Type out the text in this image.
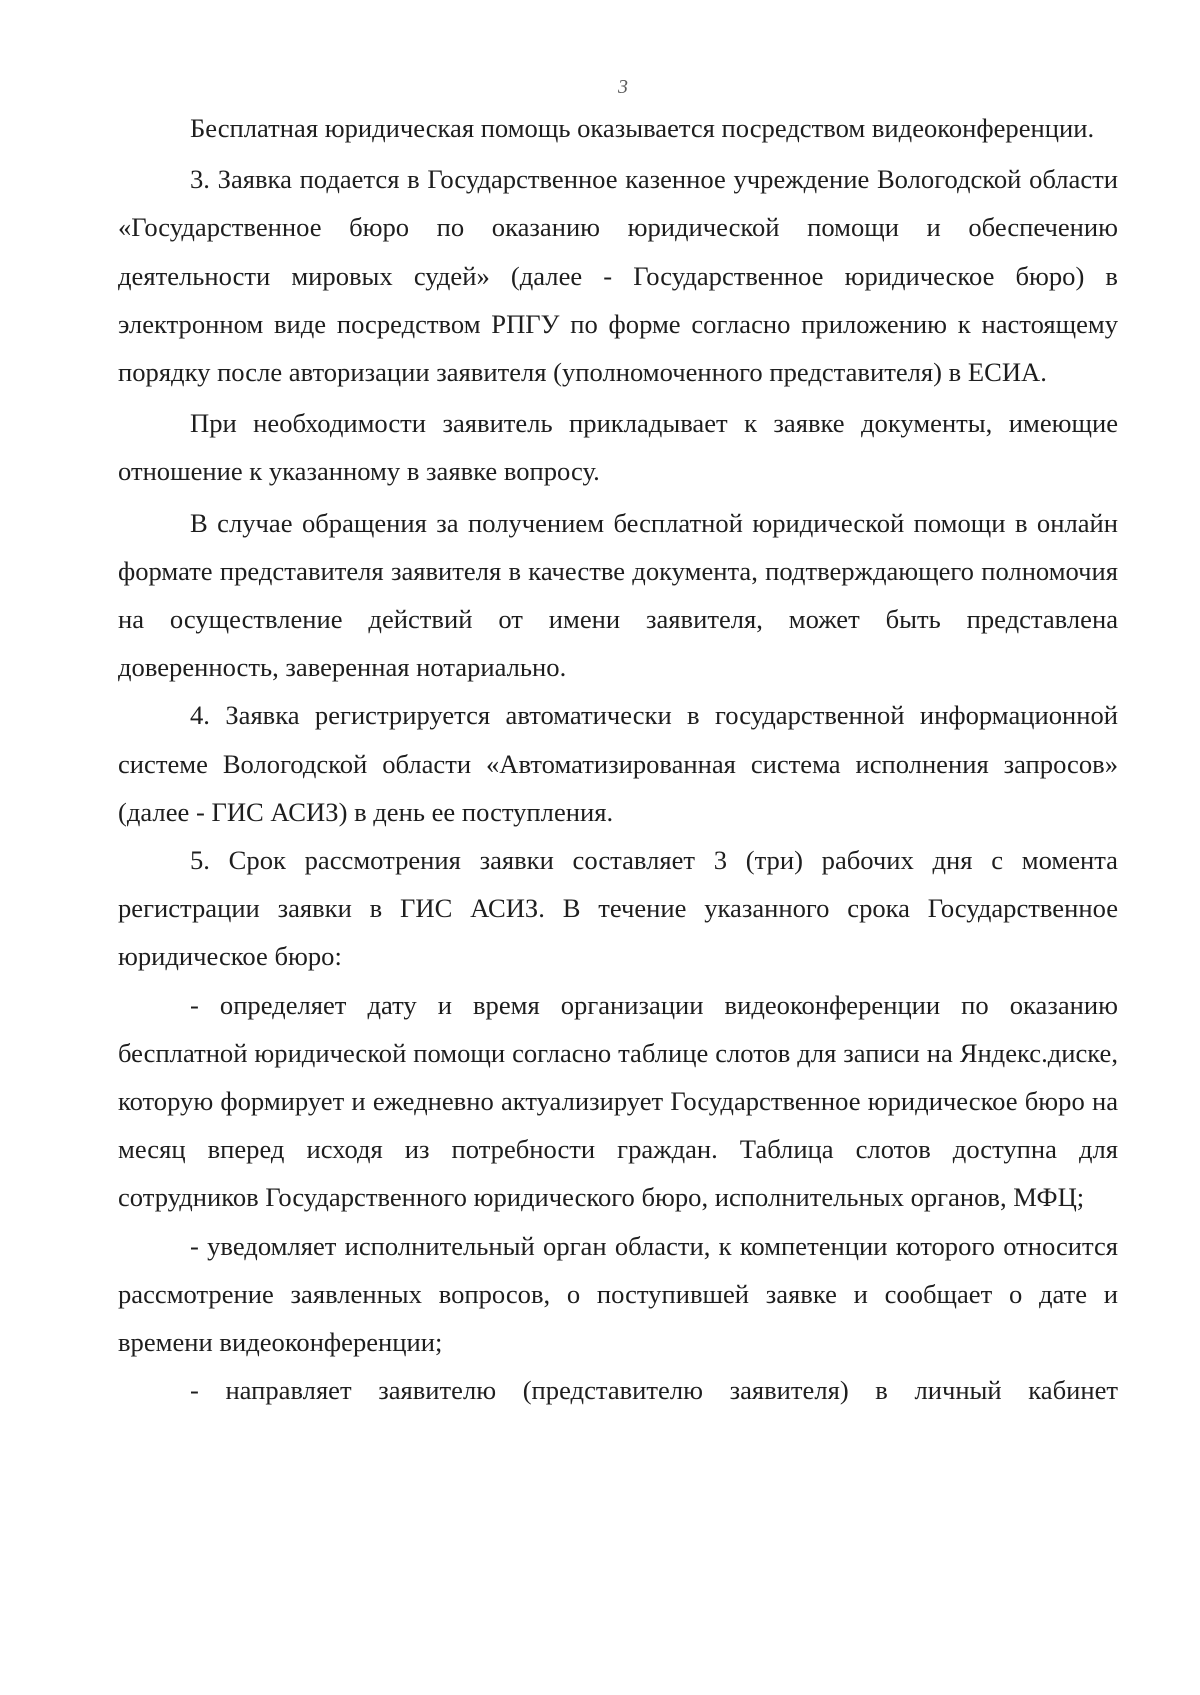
3

Бесплатная юридическая помощь оказывается посредством видеоконференции.

3. Заявка подается в Государственное казенное учреждение Вологодской области «Государственное бюро по оказанию юридической помощи и обеспечению деятельности мировых судей» (далее - Государственное юридическое бюро) в электронном виде посредством РПГУ по форме согласно приложению к настоящему порядку после авторизации заявителя (уполномоченного представителя) в ЕСИА.

При необходимости заявитель прикладывает к заявке документы, имеющие отношение к указанному в заявке вопросу.

В случае обращения за получением бесплатной юридической помощи в онлайн формате представителя заявителя в качестве документа, подтверждающего полномочия на осуществление действий от имени заявителя, может быть представлена доверенность, заверенная нотариально.

4. Заявка регистрируется автоматически в государственной информационной системе Вологодской области «Автоматизированная система исполнения запросов» (далее - ГИС АСИЗ) в день ее поступления.

5. Срок рассмотрения заявки составляет 3 (три) рабочих дня с момента регистрации заявки в ГИС АСИЗ. В течение указанного срока Государственное юридическое бюро:

- определяет дату и время организации видеоконференции по оказанию бесплатной юридической помощи согласно таблице слотов для записи на Яндекс.диске, которую формирует и ежедневно актуализирует Государственное юридическое бюро на месяц вперед исходя из потребности граждан. Таблица слотов доступна для сотрудников Государственного юридического бюро, исполнительных органов, МФЦ;

- уведомляет исполнительный орган области, к компетенции которого относится рассмотрение заявленных вопросов, о поступившей заявке и сообщает о дате и времени видеоконференции;

- направляет заявителю (представителю заявителя) в личный кабинет
